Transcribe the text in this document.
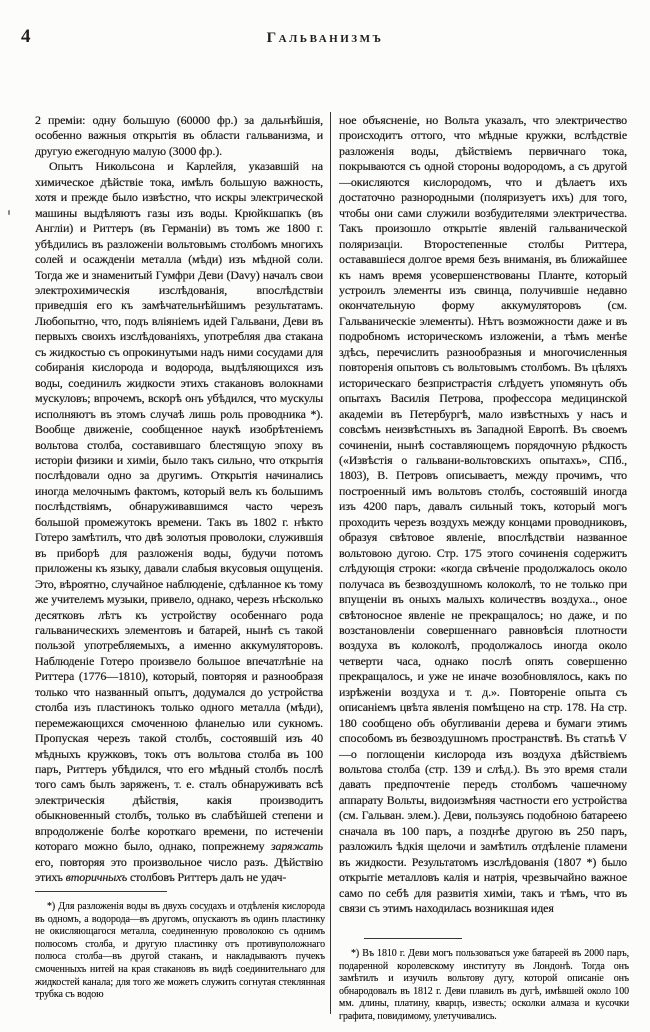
4	Гальванизмъ

2 преміи: одну большую (60000 фр.) за дальнѣйшія, особенно важныя открытія въ области гальванизма, и другую ежегодную малую (3000 фр.).

Опытъ Никольсона и Карлейля, указавшій на химическое дѣйствіе тока, имѣлъ большую важность, хотя и прежде было извѣстно, что искры электрической машины выдѣляютъ газы изъ воды. Крюйкшапкъ (въ Англіи) и Риттеръ (въ Германіи) въ томъ же 1800 г. убѣдились въ разложеніи вольтовымъ столбомъ многихъ солей и осажденіи металла (мѣди) изъ мѣдной соли. Тогда же и знаменитый Гумфри Деви (Davy) началъ свои электрохимическія изслѣдованія, впослѣдствіи приведшія его къ замѣчательнѣйшимъ результатамъ. Любопытно, что, подъ вліяніемъ идей Гальвани, Деви въ первыхъ своихъ изслѣдованіяхъ, употребляя два стакана съ жидкостью съ опрокинутыми надъ ними сосудами для собиранія кислорода и водорода, выдѣляющихся изъ воды, соединилъ жидкости этихъ стакановъ волокнами мускуловъ; впрочемъ, вскорѣ онъ убѣдился, что мускулы исполняютъ въ этомъ случаѣ лишь роль проводника *). Вообще движеніе, сообщенное наукѣ изобрѣтеніемъ вольтова столба, составившаго блестящую эпоху въ исторіи физики и химіи, было такъ сильно, что открытія послѣдовали одно за другимъ. Открытія начинались иногда мелочнымъ фактомъ, который велъ къ большимъ послѣдствіямъ, обнаруживавшимся часто черезъ большой промежутокъ времени. Такъ въ 1802 г. нѣкто Готеро замѣтилъ, что двѣ золотыя проволоки, служившія въ приборѣ для разложенія воды, будучи потомъ приложены къ языку, давали слабыя вкусовыя ощущенія. Это, вѣроятно, случайное наблюденіе, сдѣланное къ тому же учителемъ музыки, привело, однако, черезъ нѣсколько десятковъ лѣтъ къ устройству особеннаго рода гальваническихъ элементовъ и батарей, нынѣ съ такой пользой употребляемыхъ, а именно аккумуляторовъ. Наблюденіе Готеро произвело большое впечатлѣніе на Риттера (1776—1810), который, повторяя и разнообразя только что названный опытъ, додумался до устройства столба изъ пластинокъ только одного металла (мѣди), перемежающихся смоченною фланелью или сукномъ. Пропуская черезъ такой столбъ, состоявшій изъ 40 мѣдныхъ кружковъ, токъ отъ вольтова столба въ 100 паръ, Риттеръ убѣдился, что его мѣдный столбъ послѣ того самъ былъ заряженъ, т. е. сталъ обнаруживать всѣ электрическія дѣйствія, какія производитъ обыкновенный столбъ, только въ слабѣйшей степени и впродолженіе болѣе короткаго времени, по истеченіи котораго можно было, однако, попрежнему заряжать его, повторяя это произвольное число разъ. Дѣйствію этихъ вторичныхъ столбовъ Риттеръ далъ не удач-

ное объясненіе, но Вольта указалъ, что электричество происходитъ оттого, что мѣдные кружки, вслѣдствіе разложенія воды, дѣйствіемъ первичнаго тока, покрываются съ одной стороны водородомъ, а съ другой—окисляются кислородомъ, что и дѣлаетъ ихъ достаточно разнородными (поляризуетъ ихъ) для того, чтобы они сами служили возбудителями электричества. Такъ произошло открытіе явленій гальванической поляризаціи. Второстепенные столбы Риттера, остававшіеся долгое время безъ вниманія, въ ближайшее къ намъ время усовершенствованы Планте, который устроилъ элементы изъ свинца, получившіе недавно окончательную форму аккумуляторовъ (см. Гальваническіе элементы). Нѣтъ возможности даже и въ подробномъ историческомъ изложеніи, а тѣмъ менѣе здѣсь, перечислить разнообразныя и многочисленныя повторенія опытовъ съ вольтовымъ столбомъ. Въ цѣляхъ историческаго безпристрастія слѣдуетъ упомянуть объ опытахъ Василія Петрова, профессора медицинской академіи въ Петербургѣ, мало извѣстныхъ у насъ и совсѣмъ неизвѣстныхъ въ Западной Европѣ. Въ своемъ сочиненіи, нынѣ составляющемъ порядочную рѣдкость («Извѣстія о гальвани-вольтовскихъ опытахъ», СПб., 1803), В. Петровъ описываетъ, между прочимъ, что построенный имъ вольтовъ столбъ, состоявшій иногда изъ 4200 паръ, давалъ сильный токъ, который могъ проходить черезъ воздухъ между концами проводниковъ, образуя свѣтовое явленіе, впослѣдствіи названное вольтовою дугою. Стр. 175 этого сочиненія содержитъ слѣдующія строки: «когда свѣченіе продолжалось около получаса въ безвоздушномъ колоколѣ, то не только при впущеніи въ оныхъ малыхъ количествъ воздуха.., оное свѣтоносное явленіе не прекращалось; но даже, и по возстановленіи совершеннаго равновѣсія плотности воздуха въ колоколѣ, продолжалось иногда около четверти часа, однако послѣ опять совершенно прекращалось, и уже не иначе возобновлялось, какъ по изрѣженіи воздуха и т. д.». Повтореніе опыта съ описаніемъ цвѣта явленія помѣщено на стр. 178. На стр. 180 сообщено объ обугливаніи дерева и бумаги этимъ способомъ въ безвоздушномъ пространствѣ. Въ статьѣ V—о поглощеніи кислорода изъ воздуха дѣйствіемъ вольтова столба (стр. 139 и слѣд.). Въ это время стали давать предпочтеніе передъ столбомъ чашечному аппарату Вольты, видоизмѣняя частности его устройства (см. Гальван. элем.). Деви, пользуясь подобною батареею сначала въ 100 паръ, а позднѣе другою въ 250 паръ, разложилъ ѣдкія щелочи и замѣтилъ отдѣленіе пламени въ жидкости. Результатомъ изслѣдованія (1807 *) было открытіе металловъ калія и натрія, чрезвычайно важное само по себѣ для развитія химіи, такъ и тѣмъ, что въ связи съ этимъ находилась возникшая идея

*) Для разложенія воды въ двухъ сосудахъ и отдѣленія кислорода въ одномъ, а водорода—въ другомъ, опускаютъ въ одинъ пластинку не окисляющагося металла, соединенную проволокою съ однимъ полюсомъ столба, и другую пластинку отъ противуположнаго полюса столба—въ другой стаканъ, и накладываютъ пучекъ смоченныхъ нитей на края стакановъ въ видѣ соединительнаго для жидкостей канала; для того же можетъ служить согнутая стеклянная трубка съ водою
*) Въ 1810 г. Деви могъ пользоваться уже батареей въ 2000 паръ, подаренной королевскому институту въ Лондонѣ. Тогда онъ замѣтилъ и изучилъ вольтову дугу, которой описаніе онъ обнародовалъ въ 1812 г. Деви плавилъ въ дугѣ, имѣвшей около 100 мм. длины, платину, кварцъ, известь; осколки алмаза и кусочки графита, повидимому, улетучивались.
